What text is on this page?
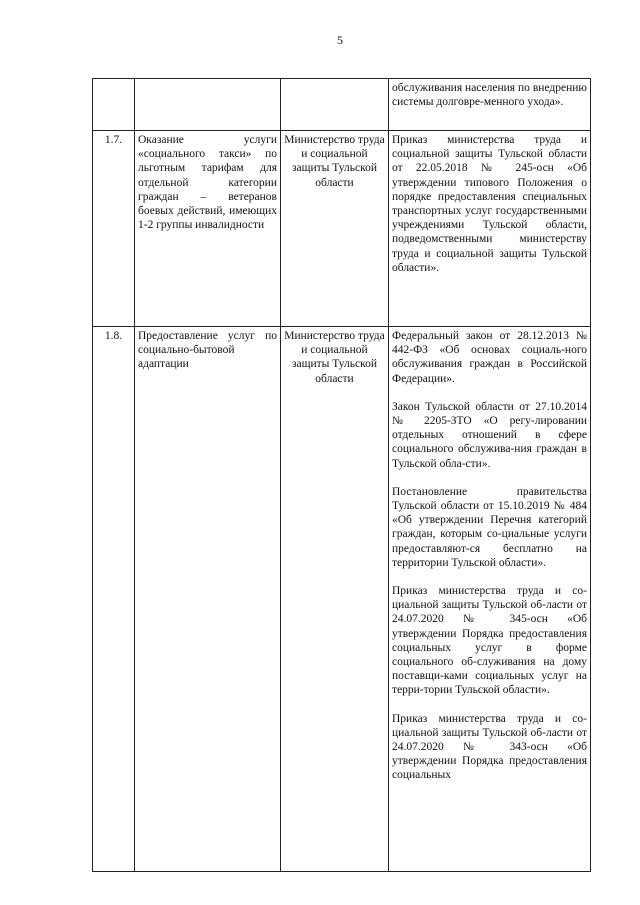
5

			обслуживания населения по внедрению системы долговре-менного ухода».

1.7.	Оказание услуги «социального такси» по льготным тарифам для отдельной категории граждан – ветеранов боевых действий, имеющих 1-2 группы инвалидности	Министерство труда и социальной защиты Тульской области	Приказ министерства труда и социальной защиты Тульской области от 22.05.2018 № 245-осн «Об утверждении типового Положения о порядке предоставления специальных транспортных услуг государственными учреждениями Тульской области, подведомственными министерству труда и социальной защиты Тульской области».

1.8.	Предоставление услуг по социально-бытовой адаптации	Министерство труда и социальной защиты Тульской области	Федеральный закон от 28.12.2013 № 442-ФЗ «Об основах социаль-ного обслуживания граждан в Российской Федерации».

Закон Тульской области от 27.10.2014 № 2205-ЗТО «О регу-лировании отдельных отношений в сфере социального обслужива-ния граждан в Тульской обла-сти».

Постановление правительства Тульской области от 15.10.2019 № 484 «Об утверждении Перечня категорий граждан, которым со-циальные услуги предоставляют-ся бесплатно на территории Тульской области».

Приказ министерства труда и со-циальной защиты Тульской об-ласти от 24.07.2020 № 345-осн «Об утверждении Порядка предоставления социальных услуг в форме социального об-служивания на дому поставщи-ками социальных услуг на терри-тории Тульской области».

Приказ министерства труда и со-циальной защиты Тульской об-ласти от 24.07.2020 № 343-осн «Об утверждении Порядка предоставления социальных
